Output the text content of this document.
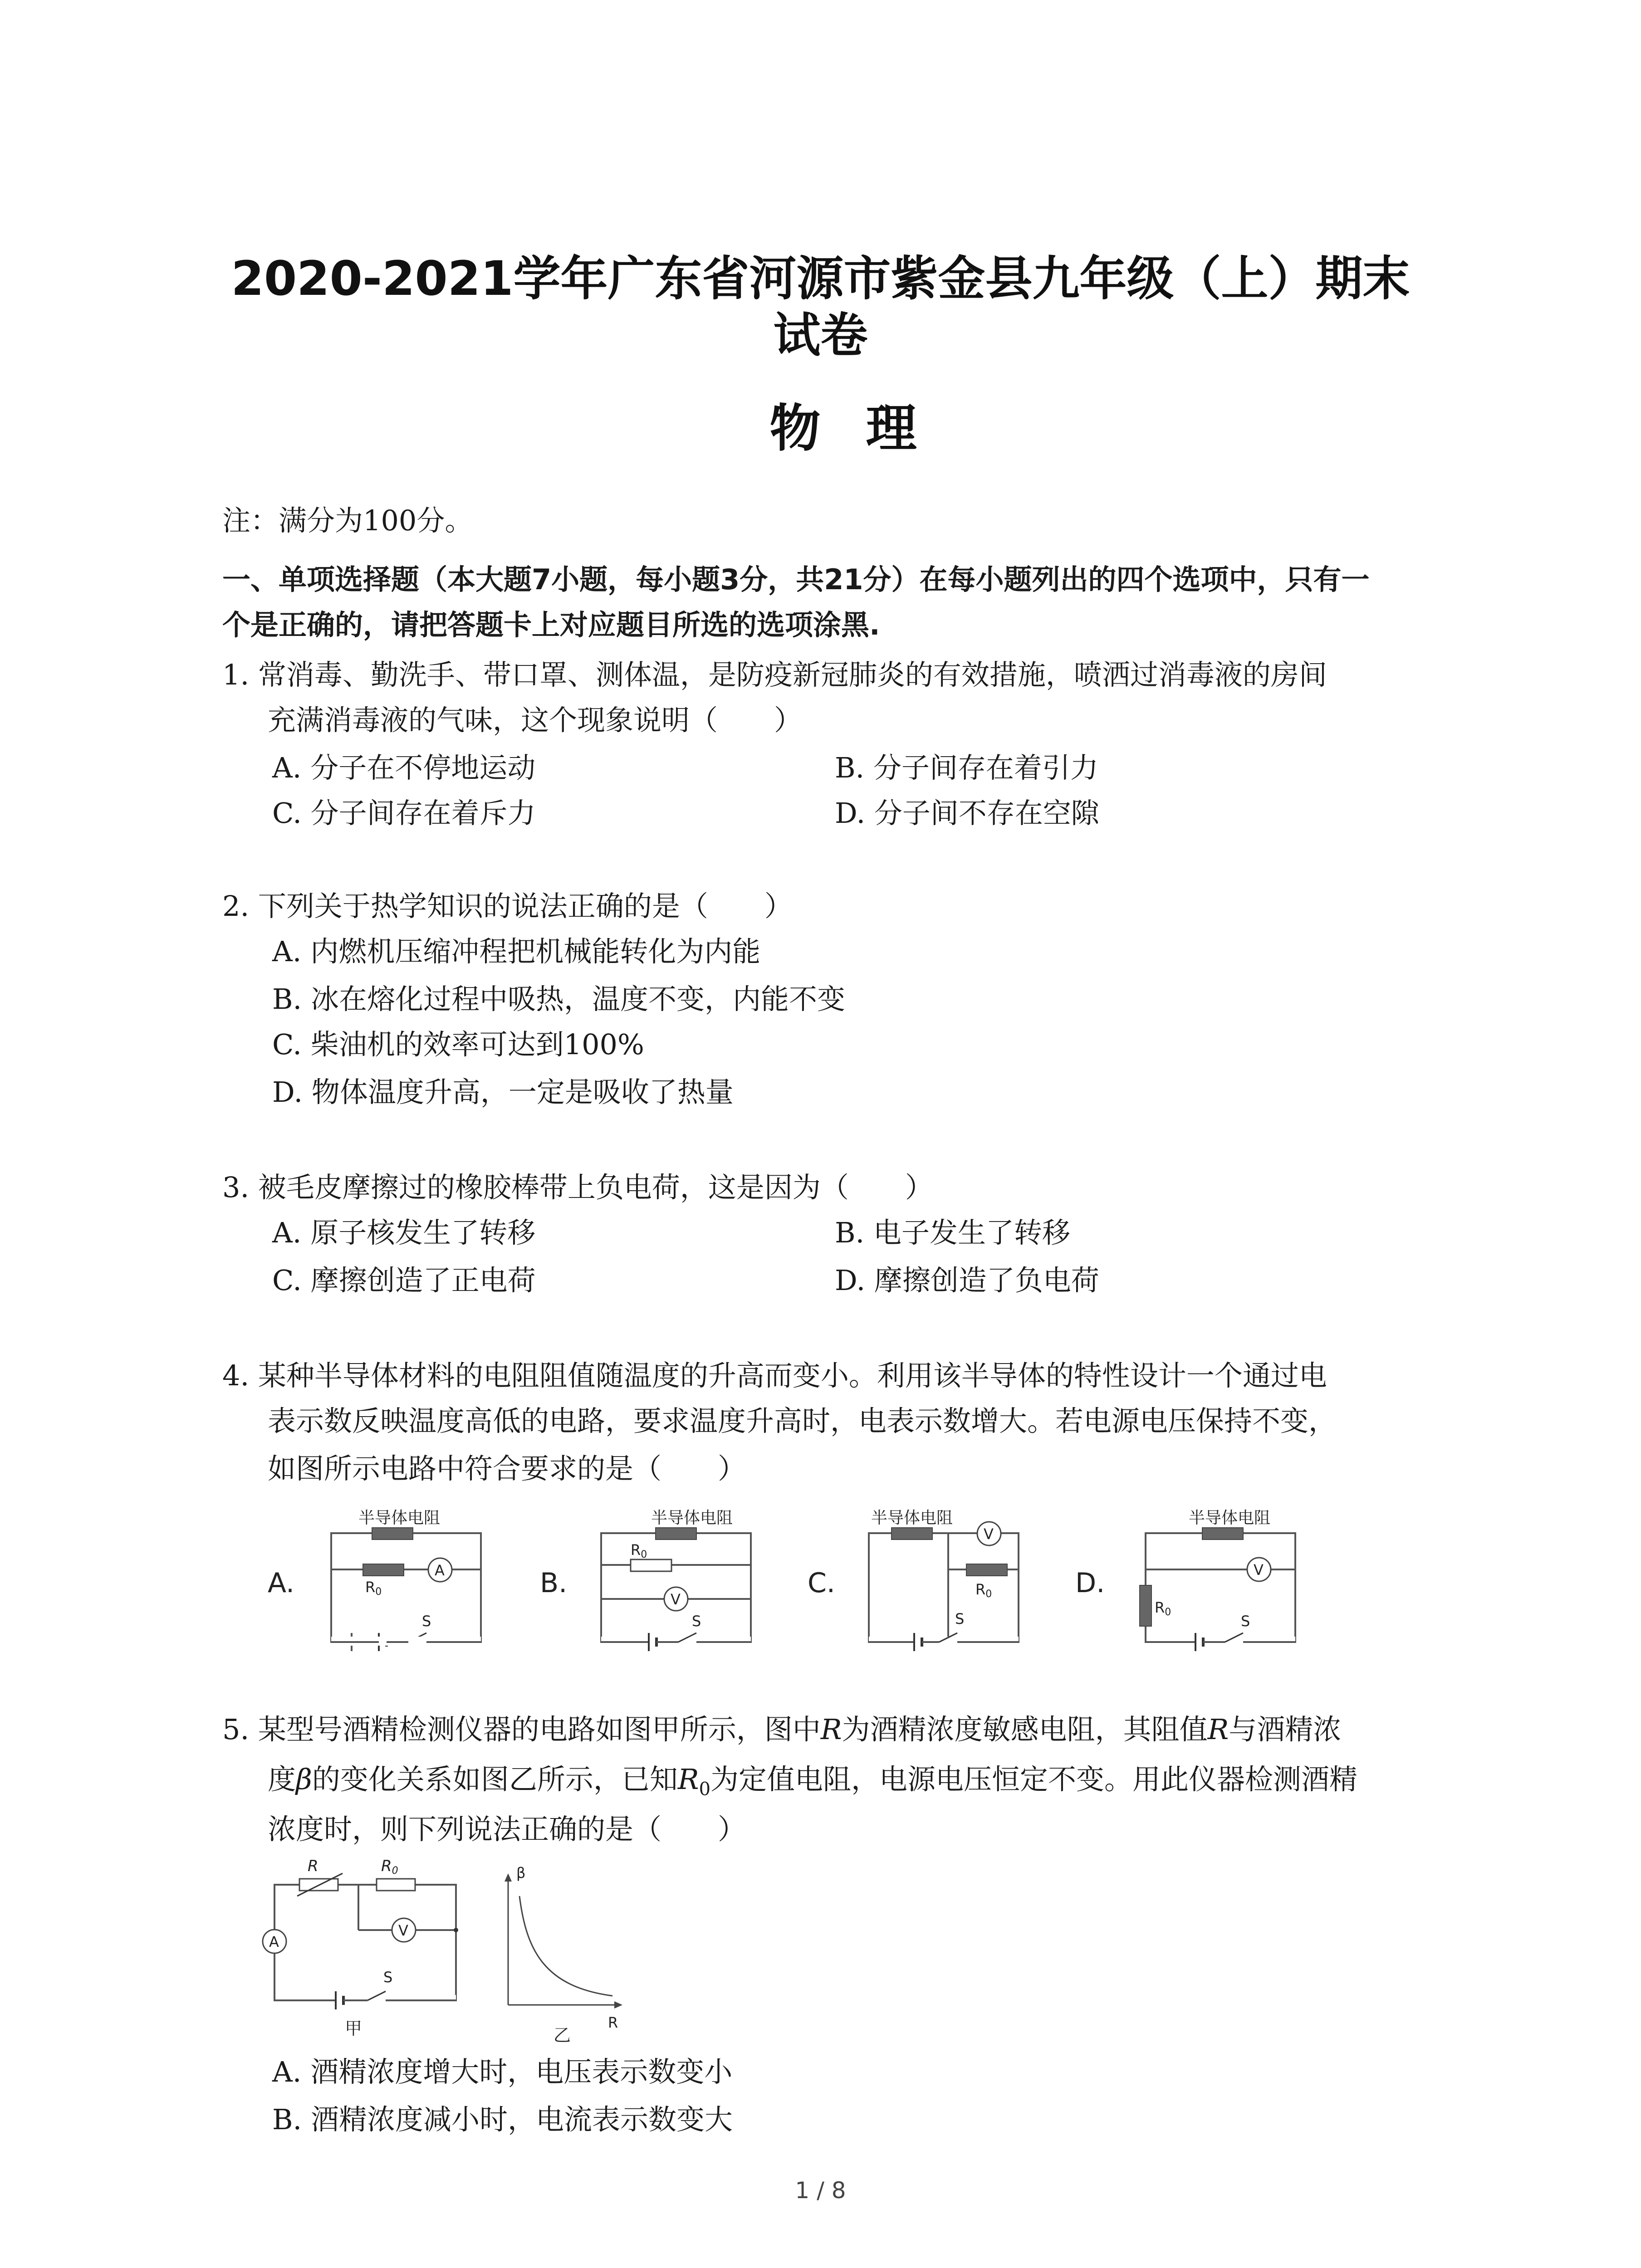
2020-2021学年广东省河源市紫金县九年级（上）期末
试卷
物理
注：满分为100分。
一、单项选择题（本大题7小题，每小题3分，共21分）在每小题列出的四个选项中，只有一
个是正确的，请把答题卡上对应题目所选的选项涂黑.
1. 常消毒、勤洗手、带口罩、测体温，是防疫新冠肺炎的有效措施，喷洒过消毒液的房间
充满消毒液的气味，这个现象说明（　　）
A. 分子在不停地运动	B. 分子间存在着引力
C. 分子间存在着斥力	D. 分子间不存在空隙
2. 下列关于热学知识的说法正确的是（　　）
A. 内燃机压缩冲程把机械能转化为内能
B. 冰在熔化过程中吸热，温度不变，内能不变
C. 柴油机的效率可达到100%
D. 物体温度升高，一定是吸收了热量
3. 被毛皮摩擦过的橡胶棒带上负电荷，这是因为（　　）
A. 原子核发生了转移	B. 电子发生了转移
C. 摩擦创造了正电荷	D. 摩擦创造了负电荷
4. 某种半导体材料的电阻阻值随温度的升高而变小。利用该半导体的特性设计一个通过电
表示数反映温度高低的电路，要求温度升高时，电表示数增大。若电源电压保持不变，
如图所示电路中符合要求的是（　　）
A.
半导体电阻
R0
A
S
B.
半导体电阻
R0
V
S
C.
半导体电阻
V
R0
S
D.
半导体电阻
V
R0
S
5. 某型号酒精检测仪器的电路如图甲所示，图中R为酒精浓度敏感电阻，其阻值R与酒精浓
度β的变化关系如图乙所示，已知$R_0$为定值电阻，电源电压恒定不变。用此仪器检测酒精
浓度时，则下列说法正确的是（　　）
R	R0
V
A
S
甲
β
R
乙
A. 酒精浓度增大时，电压表示数变小
B. 酒精浓度减小时，电流表示数变大
1 / 8
